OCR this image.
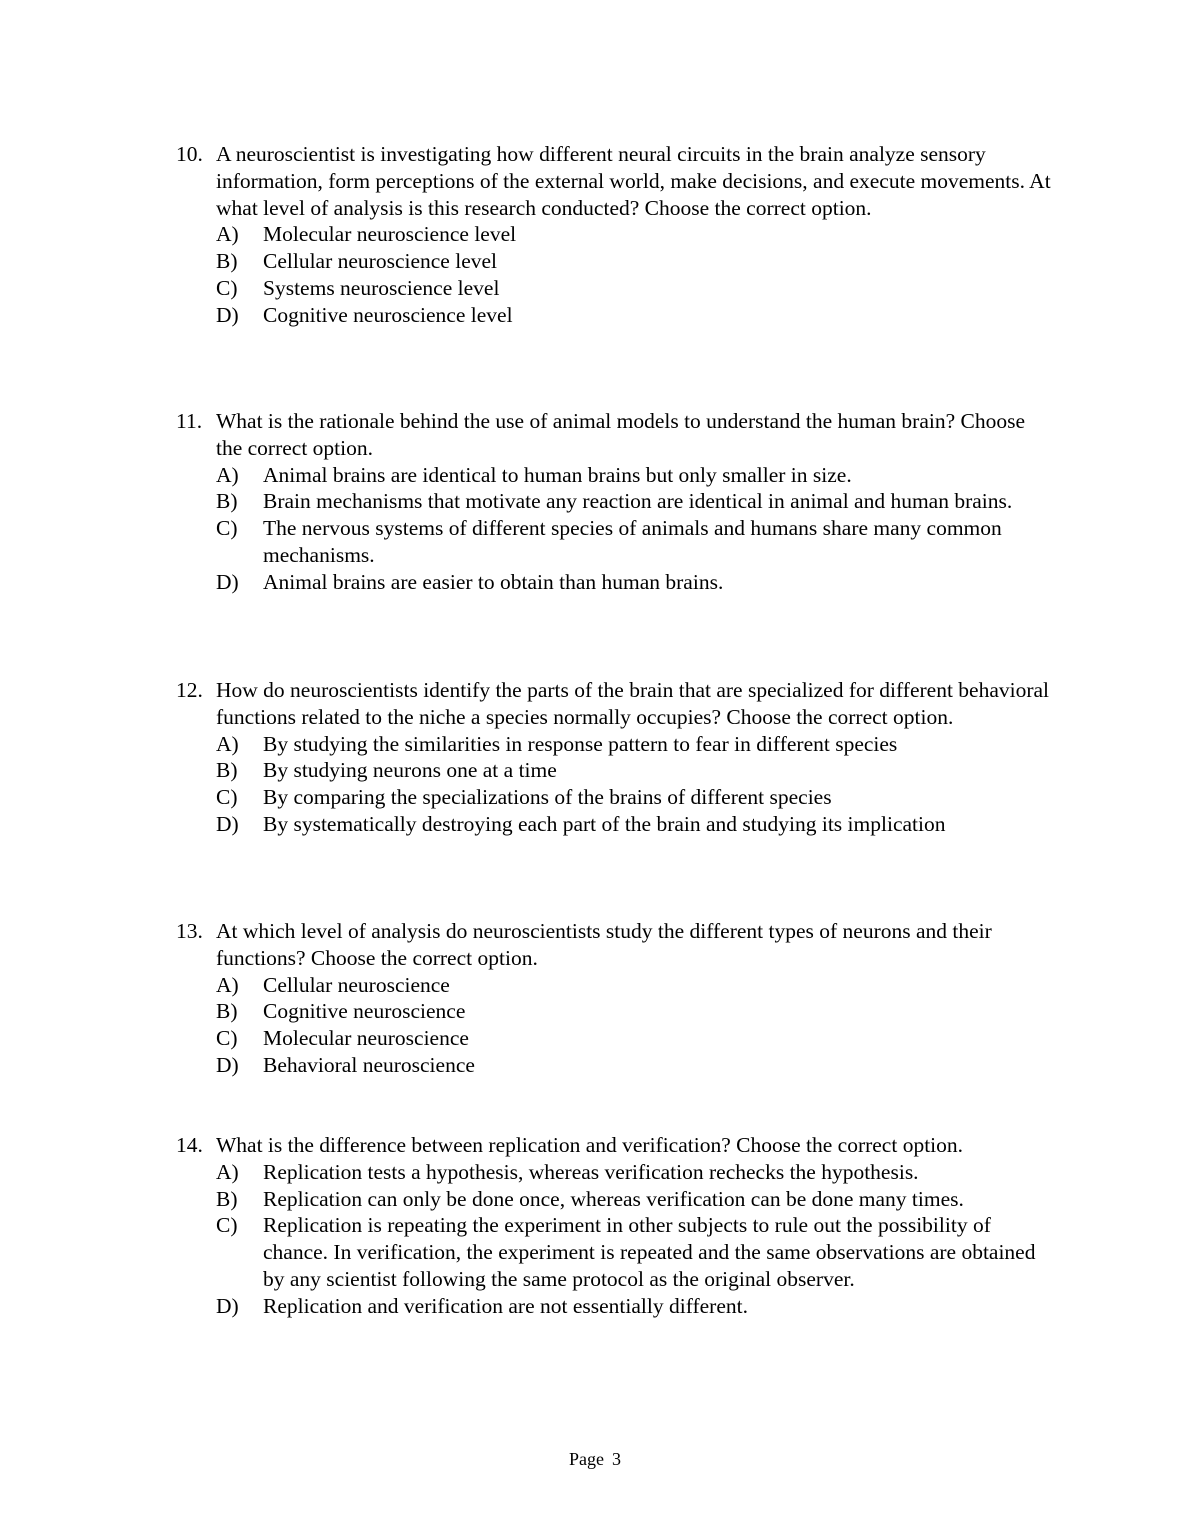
10. A neuroscientist is investigating how different neural circuits in the brain analyze sensory information, form perceptions of the external world, make decisions, and execute movements. At what level of analysis is this research conducted? Choose the correct option.
A)	Molecular neuroscience level
B)	Cellular neuroscience level
C)	Systems neuroscience level
D)	Cognitive neuroscience level
11. What is the rationale behind the use of animal models to understand the human brain? Choose the correct option.
A)	Animal brains are identical to human brains but only smaller in size.
B)	Brain mechanisms that motivate any reaction are identical in animal and human brains.
C)	The nervous systems of different species of animals and humans share many common mechanisms.
D)	Animal brains are easier to obtain than human brains.
12. How do neuroscientists identify the parts of the brain that are specialized for different behavioral functions related to the niche a species normally occupies? Choose the correct option.
A)	By studying the similarities in response pattern to fear in different species
B)	By studying neurons one at a time
C)	By comparing the specializations of the brains of different species
D)	By systematically destroying each part of the brain and studying its implication
13. At which level of analysis do neuroscientists study the different types of neurons and their functions? Choose the correct option.
A)	Cellular neuroscience
B)	Cognitive neuroscience
C)	Molecular neuroscience
D)	Behavioral neuroscience
14. What is the difference between replication and verification? Choose the correct option.
A)	Replication tests a hypothesis, whereas verification rechecks the hypothesis.
B)	Replication can only be done once, whereas verification can be done many times.
C)	Replication is repeating the experiment in other subjects to rule out the possibility of chance. In verification, the experiment is repeated and the same observations are obtained by any scientist following the same protocol as the original observer.
D)	Replication and verification are not essentially different.
Page 3
